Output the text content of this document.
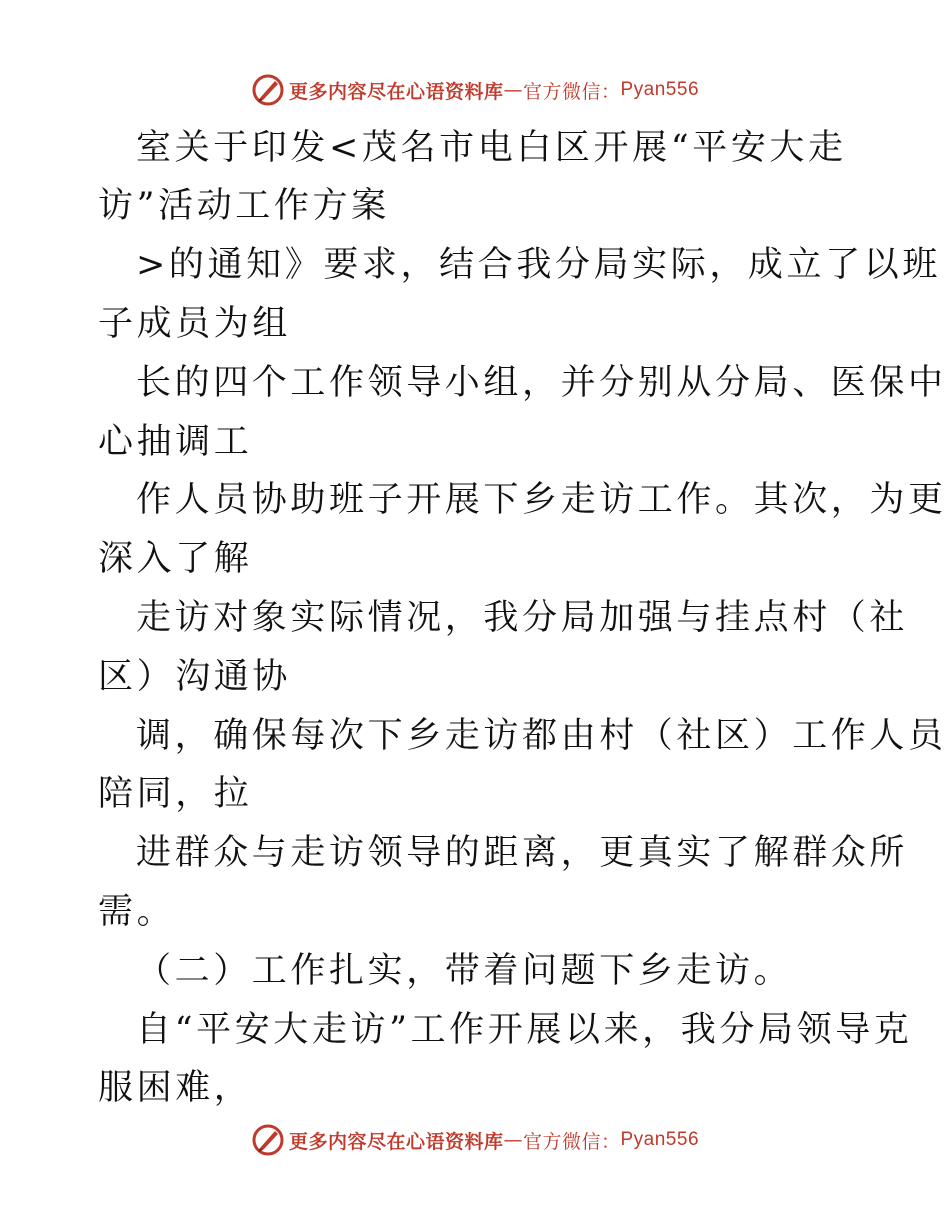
更多内容尽在心语资料库 — 官方微信： Pyan556
室关于印发<茂名市电白区开展“平安大走
访”活动工作方案
>的通知》要求，结合我分局实际，成立了以班
子成员为组
长的四个工作领导小组，并分别从分局、医保中
心抽调工
作人员协助班子开展下乡走访工作。其次，为更
深入了解
走访对象实际情况，我分局加强与挂点村（社
区）沟通协
调，确保每次下乡走访都由村（社区）工作人员
陪同，拉
进群众与走访领导的距离，更真实了解群众所
需。
（二）工作扎实，带着问题下乡走访。
自“平安大走访”工作开展以来，我分局领导克
服困难，
更多内容尽在心语资料库 — 官方微信： Pyan556
